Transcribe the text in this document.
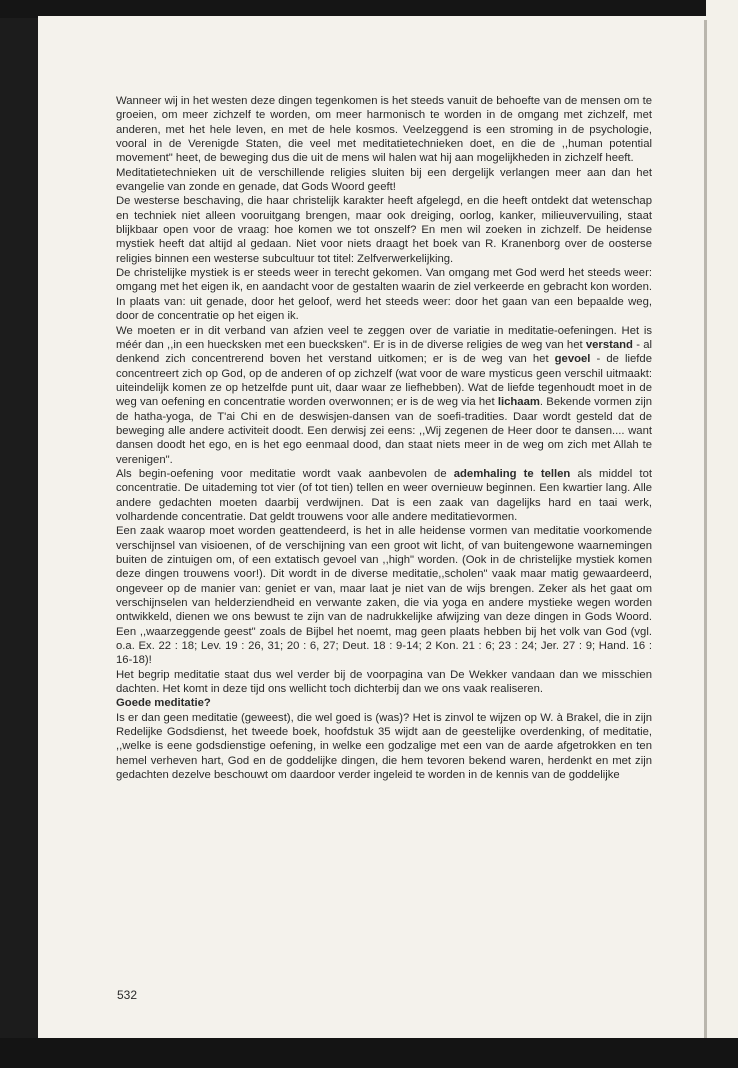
Wanneer wij in het westen deze dingen tegenkomen is het steeds vanuit de behoefte van de mensen om te groeien, om meer zichzelf te worden, om meer harmonisch te worden in de omgang met zichzelf, met anderen, met het hele leven, en met de hele kosmos. Veelzeggend is een stroming in de psychologie, vooral in de Verenigde Staten, die veel met meditatietechnieken doet, en die de ,,human potential movement" heet, de beweging dus die uit de mens wil halen wat hij aan mogelijkheden in zichzelf heeft.

Meditatietechnieken uit de verschillende religies sluiten bij een dergelijk verlangen meer aan dan het evangelie van zonde en genade, dat Gods Woord geeft!

De westerse beschaving, die haar christelijk karakter heeft afgelegd, en die heeft ontdekt dat wetenschap en techniek niet alleen vooruitgang brengen, maar ook dreiging, oorlog, kanker, milieuvervuiling, staat blijkbaar open voor de vraag: hoe komen we tot onszelf? En men wil zoeken in zichzelf. De heidense mystiek heeft dat altijd al gedaan. Niet voor niets draagt het boek van R. Kranenborg over de oosterse religies binnen een westerse subcultuur tot titel: Zelfverwerkelijking.

De christelijke mystiek is er steeds weer in terecht gekomen. Van omgang met God werd het steeds weer: omgang met het eigen ik, en aandacht voor de gestalten waarin de ziel verkeerde en gebracht kon worden. In plaats van: uit genade, door het geloof, werd het steeds weer: door het gaan van een bepaalde weg, door de concentratie op het eigen ik.

We moeten er in dit verband van afzien veel te zeggen over de variatie in meditatie-oefeningen. Het is méér dan ,,in een huecksken met een buecksken". Er is in de diverse religies de weg van het verstand - al denkend zich concentrerend boven het verstand uitkomen; er is de weg van het gevoel - de liefde concentreert zich op God, op de anderen of op zichzelf (wat voor de ware mysticus geen verschil uitmaakt: uiteindelijk komen ze op hetzelfde punt uit, daar waar ze liefhebben). Wat de liefde tegenhoudt moet in de weg van oefening en concentratie worden overwonnen; er is de weg via het lichaam. Bekende vormen zijn de hatha-yoga, de T'ai Chi en de deswisjen-dansen van de soefi-tradities. Daar wordt gesteld dat de beweging alle andere activiteit doodt. Een derwisj zei eens: ,,Wij zegenen de Heer door te dansen.... want dansen doodt het ego, en is het ego eenmaal dood, dan staat niets meer in de weg om zich met Allah te verenigen".

Als begin-oefening voor meditatie wordt vaak aanbevolen de ademhaling te tellen als middel tot concentratie. De uitademing tot vier (of tot tien) tellen en weer overnieuw beginnen. Een kwartier lang. Alle andere gedachten moeten daarbij verdwijnen. Dat is een zaak van dagelijks hard en taai werk, volhardende concentratie. Dat geldt trouwens voor alle andere meditatievormen.

Een zaak waarop moet worden geattendeerd, is het in alle heidense vormen van meditatie voorkomende verschijnsel van visioenen, of de verschijning van een groot wit licht, of van buitengewone waarnemingen buiten de zintuigen om, of een extatisch gevoel van ,,high" worden. (Ook in de christelijke mystiek komen deze dingen trouwens voor!). Dit wordt in de diverse meditatie,,scholen" vaak maar matig gewaardeerd, ongeveer op de manier van: geniet er van, maar laat je niet van de wijs brengen. Zeker als het gaat om verschijnselen van helderziendheid en verwante zaken, die via yoga en andere mystieke wegen worden ontwikkeld, dienen we ons bewust te zijn van de nadrukkelijke afwijzing van deze dingen in Gods Woord. Een ,,waarzeggende geest" zoals de Bijbel het noemt, mag geen plaats hebben bij het volk van God (vgl. o.a. Ex. 22 : 18; Lev. 19 : 26, 31; 20 : 6, 27; Deut. 18 : 9-14; 2 Kon. 21 : 6; 23 : 24; Jer. 27 : 9; Hand. 16 : 16-18)!

Het begrip meditatie staat dus wel verder bij de voorpagina van De Wekker vandaan dan we misschien dachten. Het komt in deze tijd ons wellicht toch dichterbij dan we ons vaak realiseren.

Goede meditatie?

Is er dan geen meditatie (geweest), die wel goed is (was)? Het is zinvol te wijzen op W. à Brakel, die in zijn Redelijke Godsdienst, het tweede boek, hoofdstuk 35 wijdt aan de geestelijke overdenking, of meditatie, ,,welke is eene godsdienstige oefening, in welke een godzalige met een van de aarde afgetrokken en ten hemel verheven hart, God en de goddelijke dingen, die hem tevoren bekend waren, herdenkt en met zijn gedachten dezelve beschouwt om daardoor verder ingeleid te worden in de kennis van de goddelijke

532
